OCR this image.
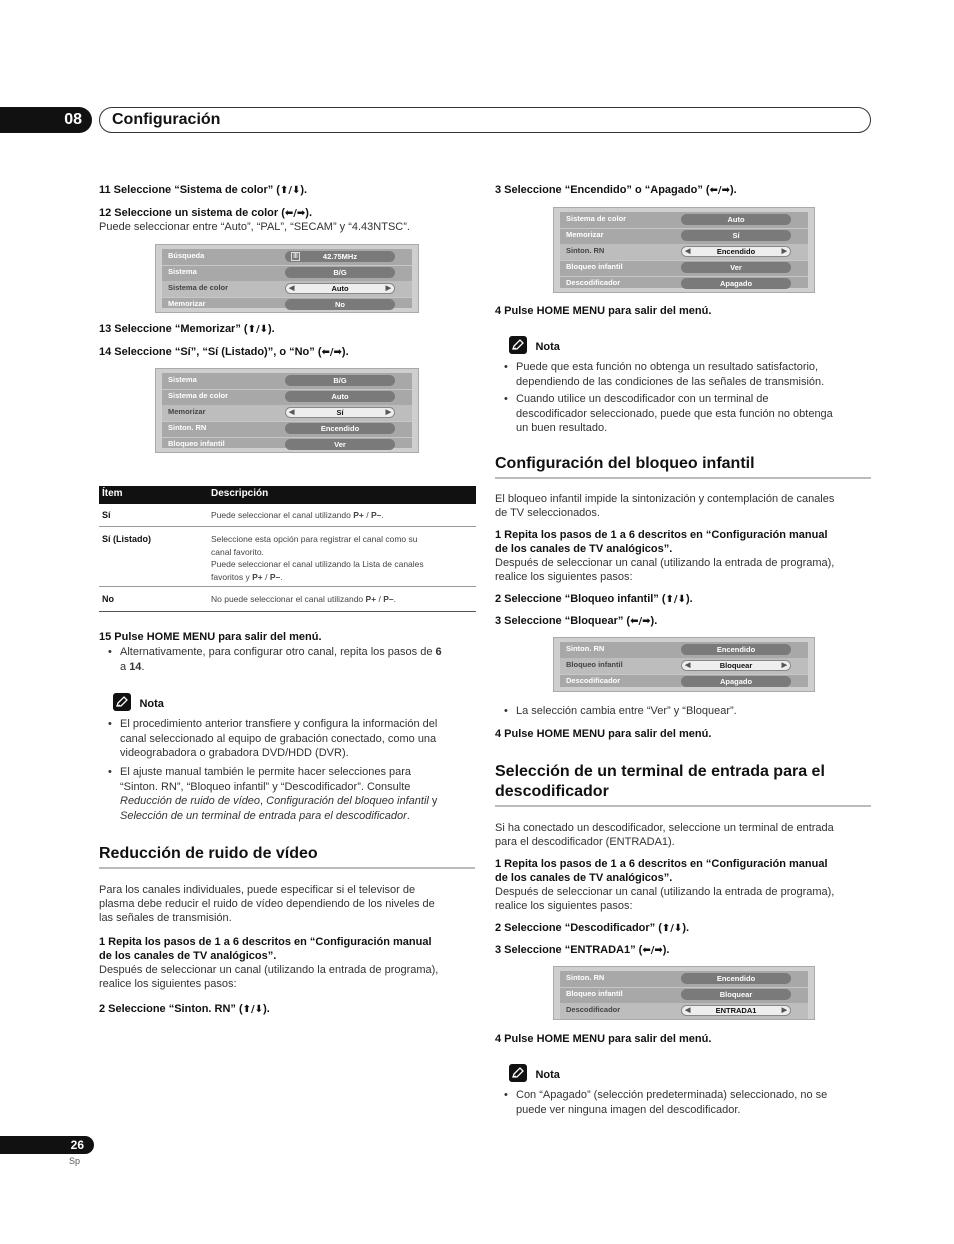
08	Configuración
11 Seleccione “Sistema de color” (⬆/⬇).
12 Seleccione un sistema de color (⬅/➡).
Puede seleccionar entre “Auto”, “PAL”, “SECAM” y “4.43NTSC”.
Búsqueda	|||	42.75MHz
Sistema	B/G
Sistema de color	◀	Auto	▶
Memorizar	No
13 Seleccione “Memorizar” (⬆/⬇).
14 Seleccione “Sí”, “Sí (Listado)”, o “No” (⬅/➡).
Sistema	B/G
Sistema de color	Auto
Memorizar	◀	Sí	▶
Sinton. RN	Encendido
Bloqueo infantil	Ver
Ítem	Descripción
Sí	Puede seleccionar el canal utilizando P+ / P–.
Sí (Listado)	Seleccione esta opción para registrar el canal como su
canal favorito.
Puede seleccionar el canal utilizando la Lista de canales
favoritos y P+ / P–.
No	No puede seleccionar el canal utilizando P+ / P–.
15 Pulse HOME MENU para salir del menú.
• Alternativamente, para configurar otro canal, repita los pasos de 6
a 14.
$^{Nota}$
• El procedimiento anterior transfiere y configura la información del
canal seleccionado al equipo de grabación conectado, como una
videograbadora o grabadora DVD/HDD (DVR).
• El ajuste manual también le permite hacer selecciones para
“Sinton. RN”, “Bloqueo infantil” y “Descodificador”. Consulte
Reducción de ruido de vídeo, Configuración del bloqueo infantil y
Selección de un terminal de entrada para el descodificador.
Reducción de ruido de vídeo
Para los canales individuales, puede especificar si el televisor de
plasma debe reducir el ruido de vídeo dependiendo de los niveles de
las señales de transmisión.
1 Repita los pasos de 1 a 6 descritos en “Configuración manual
de los canales de TV analógicos”.
Después de seleccionar un canal (utilizando la entrada de programa),
realice los siguientes pasos:
2 Seleccione “Sinton. RN” (⬆/⬇).
3 Seleccione “Encendido” o “Apagado” (⬅/➡).
Sistema de color	Auto
Memorizar	Sí
Sinton. RN	◀	Encendido	▶
Bloqueo infantil	Ver
Descodificador	Apagado
4 Pulse HOME MENU para salir del menú.
$^{Nota}$
• Puede que esta función no obtenga un resultado satisfactorio,
dependiendo de las condiciones de las señales de transmisión.
• Cuando utilice un descodificador con un terminal de
descodificador seleccionado, puede que esta función no obtenga
un buen resultado.
Configuración del bloqueo infantil
El bloqueo infantil impide la sintonización y contemplación de canales
de TV seleccionados.
1 Repita los pasos de 1 a 6 descritos en “Configuración manual
de los canales de TV analógicos”.
Después de seleccionar un canal (utilizando la entrada de programa),
realice los siguientes pasos:
2 Seleccione “Bloqueo infantil” (⬆/⬇).
3 Seleccione “Bloquear” (⬅/➡).
Sinton. RN	Encendido
Bloqueo infantil	◀	Bloquear	▶
Descodificador	Apagado
• La selección cambia entre “Ver” y “Bloquear”.
4 Pulse HOME MENU para salir del menú.
Selección de un terminal de entrada para el
descodificador
Si ha conectado un descodificador, seleccione un terminal de entrada
para el descodificador (ENTRADA1).
1 Repita los pasos de 1 a 6 descritos en “Configuración manual
de los canales de TV analógicos”.
Después de seleccionar un canal (utilizando la entrada de programa),
realice los siguientes pasos:
2 Seleccione “Descodificador” (⬆/⬇).
3 Seleccione “ENTRADA1” (⬅/➡).
Sinton. RN	Encendido
Bloqueo infantil	Bloquear
Descodificador	◀	ENTRADA1	▶
4 Pulse HOME MENU para salir del menú.
$^{Nota}$
• Con “Apagado” (selección predeterminada) seleccionado, no se
puede ver ninguna imagen del descodificador.
26
Sp
